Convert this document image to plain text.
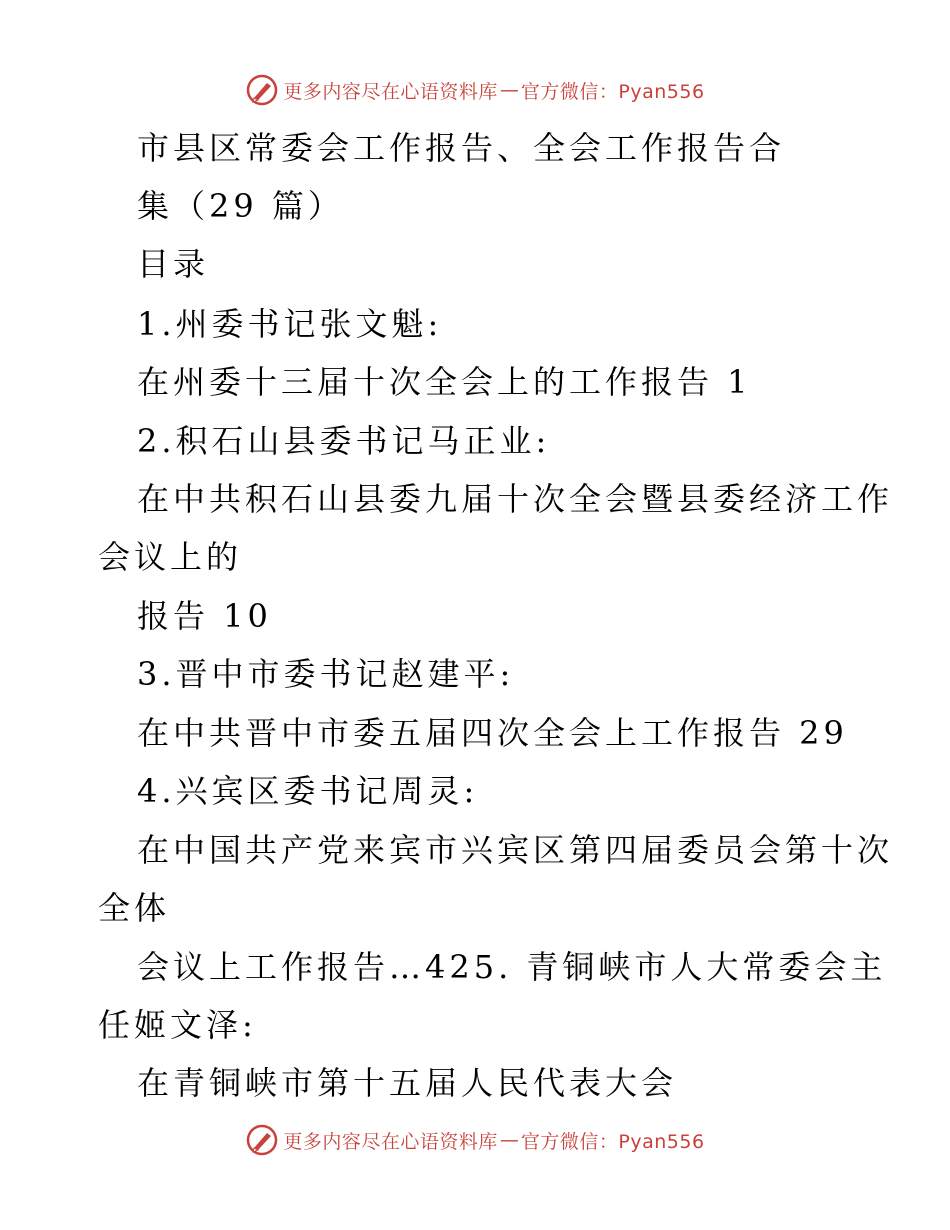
更多内容尽在心语资料库 — 官方微信：Pyan556
市县区常委会工作报告、全会工作报告合
集（29 篇）
目录
1.州委书记张文魁:
在州委十三届十次全会上的工作报告 1
2.积石山县委书记马正业:
在中共积石山县委九届十次全会暨县委经济工作
会议上的
报告 10
3.晋中市委书记赵建平:
在中共晋中市委五届四次全会上工作报告 29
4.兴宾区委书记周灵:
在中国共产党来宾市兴宾区第四届委员会第十次
全体
会议上工作报告…425. 青铜峡市人大常委会主
任姬文泽:
在青铜峡市第十五届人民代表大会
更多内容尽在心语资料库 — 官方微信：Pyan556
